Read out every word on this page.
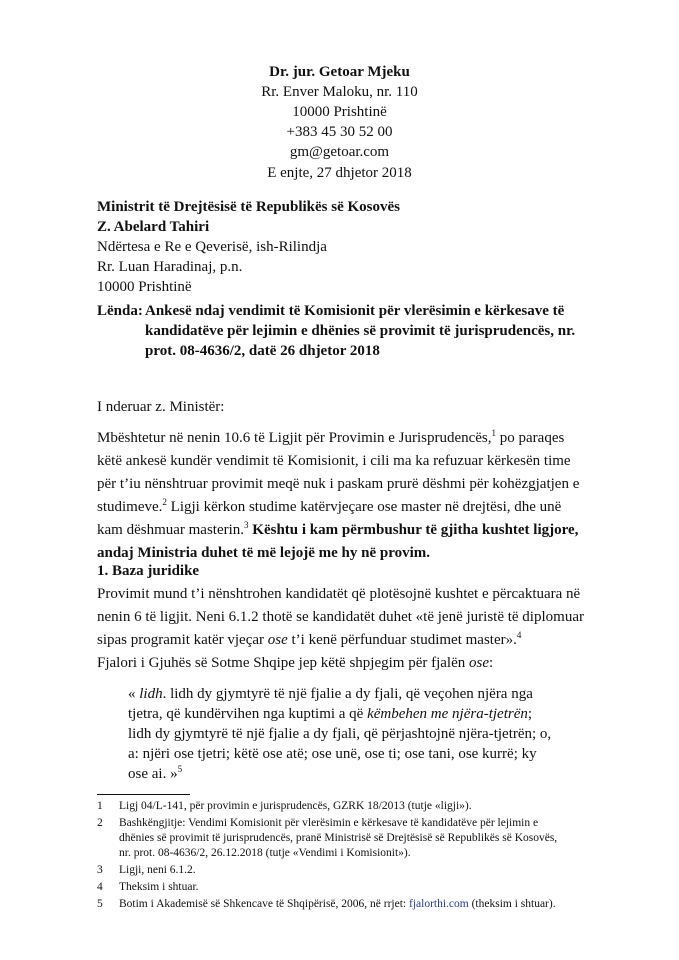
Dr. jur. Getoar Mjeku
Rr. Enver Maloku, nr. 110
10000 Prishtinë
+383 45 30 52 00
gm@getoar.com
E enjte, 27 dhjetor 2018
Ministrit të Drejtësisë të Republikës së Kosovës
Z. Abelard Tahiri
Ndërtesa e Re e Qeverisë, ish-Rilindja
Rr. Luan Haradinaj, p.n.
10000 Prishtinë
Lënda: Ankesë ndaj vendimit të Komisionit për vlerësimin e kërkesave të
kandidatëve për lejimin e dhënies së provimit të jurisprudencës, nr.
prot. 08-4636/2, datë 26 dhjetor 2018
I nderuar z. Ministër:
Mbështetur në nenin 10.6 të Ligjit për Provimin e Jurisprudencës,$^1$ po paraqes
këtë ankesë kundër vendimit të Komisionit, i cili ma ka refuzuar kërkesën time
për t’iu nënshtruar provimit meqë nuk i paskam prurë dëshmi për kohëzgjatjen e
studimeve.$^2$ Ligji kërkon studime katërvjeçare ose master në drejtësi, dhe unë
kam dëshmuar masterin.$^3$ Kështu i kam përmbushur të gjitha kushtet ligjore,
andaj Ministria duhet të më lejojë me hy në provim.
1. Baza juridike
Provimit mund t’i nënshtrohen kandidatët që plotësojnë kushtet e përcaktuara në
nenin 6 të ligjit. Neni 6.1.2 thotë se kandidatët duhet «të jenë juristë të diplomuar
sipas programit katër vjeçar ose t’i kenë përfunduar studimet master».$^4$
Fjalori i Gjuhës së Sotme Shqipe jep këtë shpjegim për fjalën ose:
« lidh. lidh dy gjymtyrë të një fjalie a dy fjali, që veçohen njëra nga
tjetra, që kundërvihen nga kuptimi a që këmbehen me njëra-tjetrën;
lidh dy gjymtyrë të një fjalie a dy fjali, që përjashtojnë njëra-tjetrën; o,
a: njëri ose tjetri; këtë ose atë; ose unë, ose ti; ose tani, ose kurrë; ky
ose ai. »$^5$
1 Ligj 04/L-141, për provimin e jurisprudencës, GZRK 18/2013 (tutje «ligji»).
2 Bashkëngjitje: Vendimi Komisionit për vlerësimin e kërkesave të kandidatëve për lejimin e
dhënies së provimit të jurisprudencës, pranë Ministrisë së Drejtësisë së Republikës së Kosovës,
nr. prot. 08-4636/2, 26.12.2018 (tutje «Vendimi i Komisionit»).
3 Ligji, neni 6.1.2.
4 Theksim i shtuar.
5 Botim i Akademisë së Shkencave të Shqipërisë, 2006, në rrjet: fjalorthi.com (theksim i shtuar).
